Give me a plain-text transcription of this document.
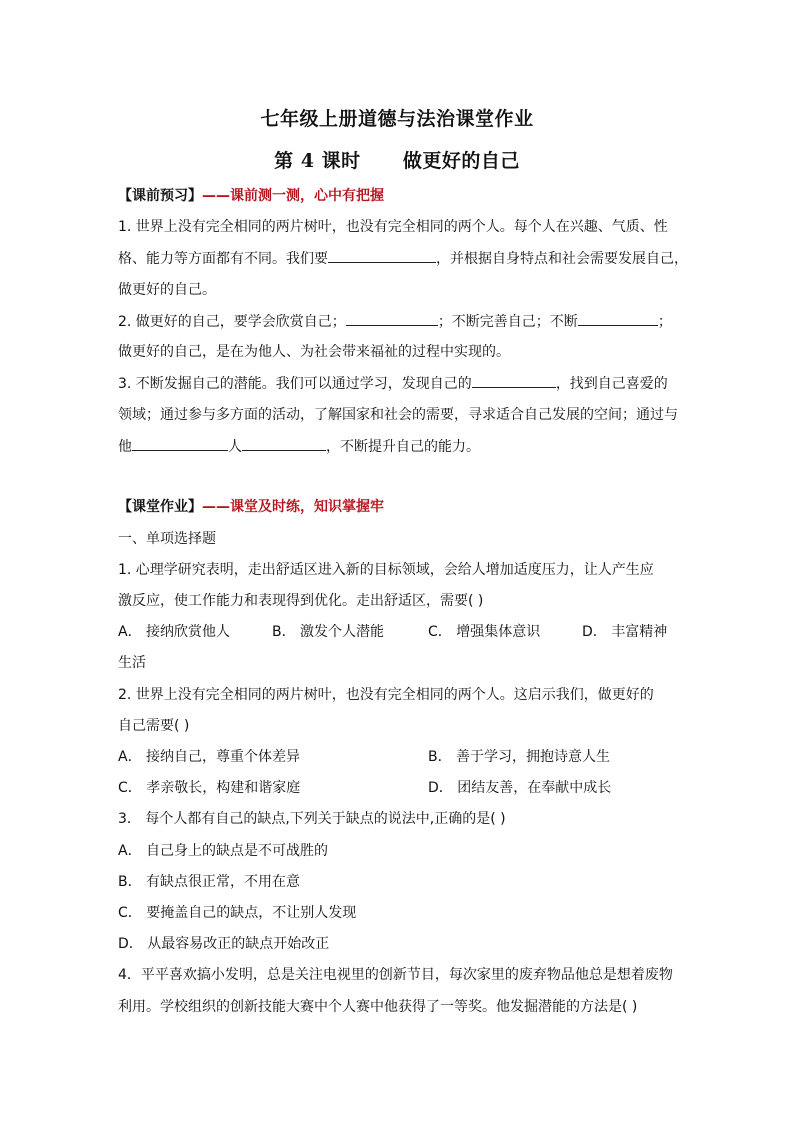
七年级上册道德与法治课堂作业
第 4 课时 做更好的自己
【课前预习】——课前测一测，心中有把握
1. 世界上没有完全相同的两片树叶，也没有完全相同的两个人。每个人在兴趣、气质、性
格、能力等方面都有不同。我们要	，并根据自身特点和社会需要发展自己，
做更好的自己。
2. 做更好的自己，要学会欣赏自己；	；不断完善自己；不断	；
做更好的自己，是在为他人、为社会带来福祉的过程中实现的。
3. 不断发掘自己的潜能。我们可以通过学习，发现自己的	，找到自己喜爱的
领域；通过参与多方面的活动，了解国家和社会的需要，寻求适合自己发展的空间；通过与
他	人	，不断提升自己的能力。
【课堂作业】——课堂及时练，知识掌握牢
一、单项选择题
1. 心理学研究表明，走出舒适区进入新的目标领域，会给人增加适度压力，让人产生应
激反应，使工作能力和表现得到优化。走出舒适区，需要( )
A． 接纳欣赏他人	B． 激发个人潜能	C． 增强集体意识	D． 丰富精神
生活
2. 世界上没有完全相同的两片树叶，也没有完全相同的两个人。这启示我们，做更好的
自己需要( )
A． 接纳自己，尊重个体差异	B． 善于学习，拥抱诗意人生
C． 孝亲敬长，构建和谐家庭	D． 团结友善，在奉献中成长
3． 每个人都有自己的缺点,下列关于缺点的说法中,正确的是( )
A． 自己身上的缺点是不可战胜的
B． 有缺点很正常，不用在意
C． 要掩盖自己的缺点，不让别人发现
D． 从最容易改正的缺点开始改正
4．平平喜欢搞小发明，总是关注电视里的创新节目，每次家里的废弃物品他总是想着废物
利用。学校组织的创新技能大赛中个人赛中他获得了一等奖。他发掘潜能的方法是( )
